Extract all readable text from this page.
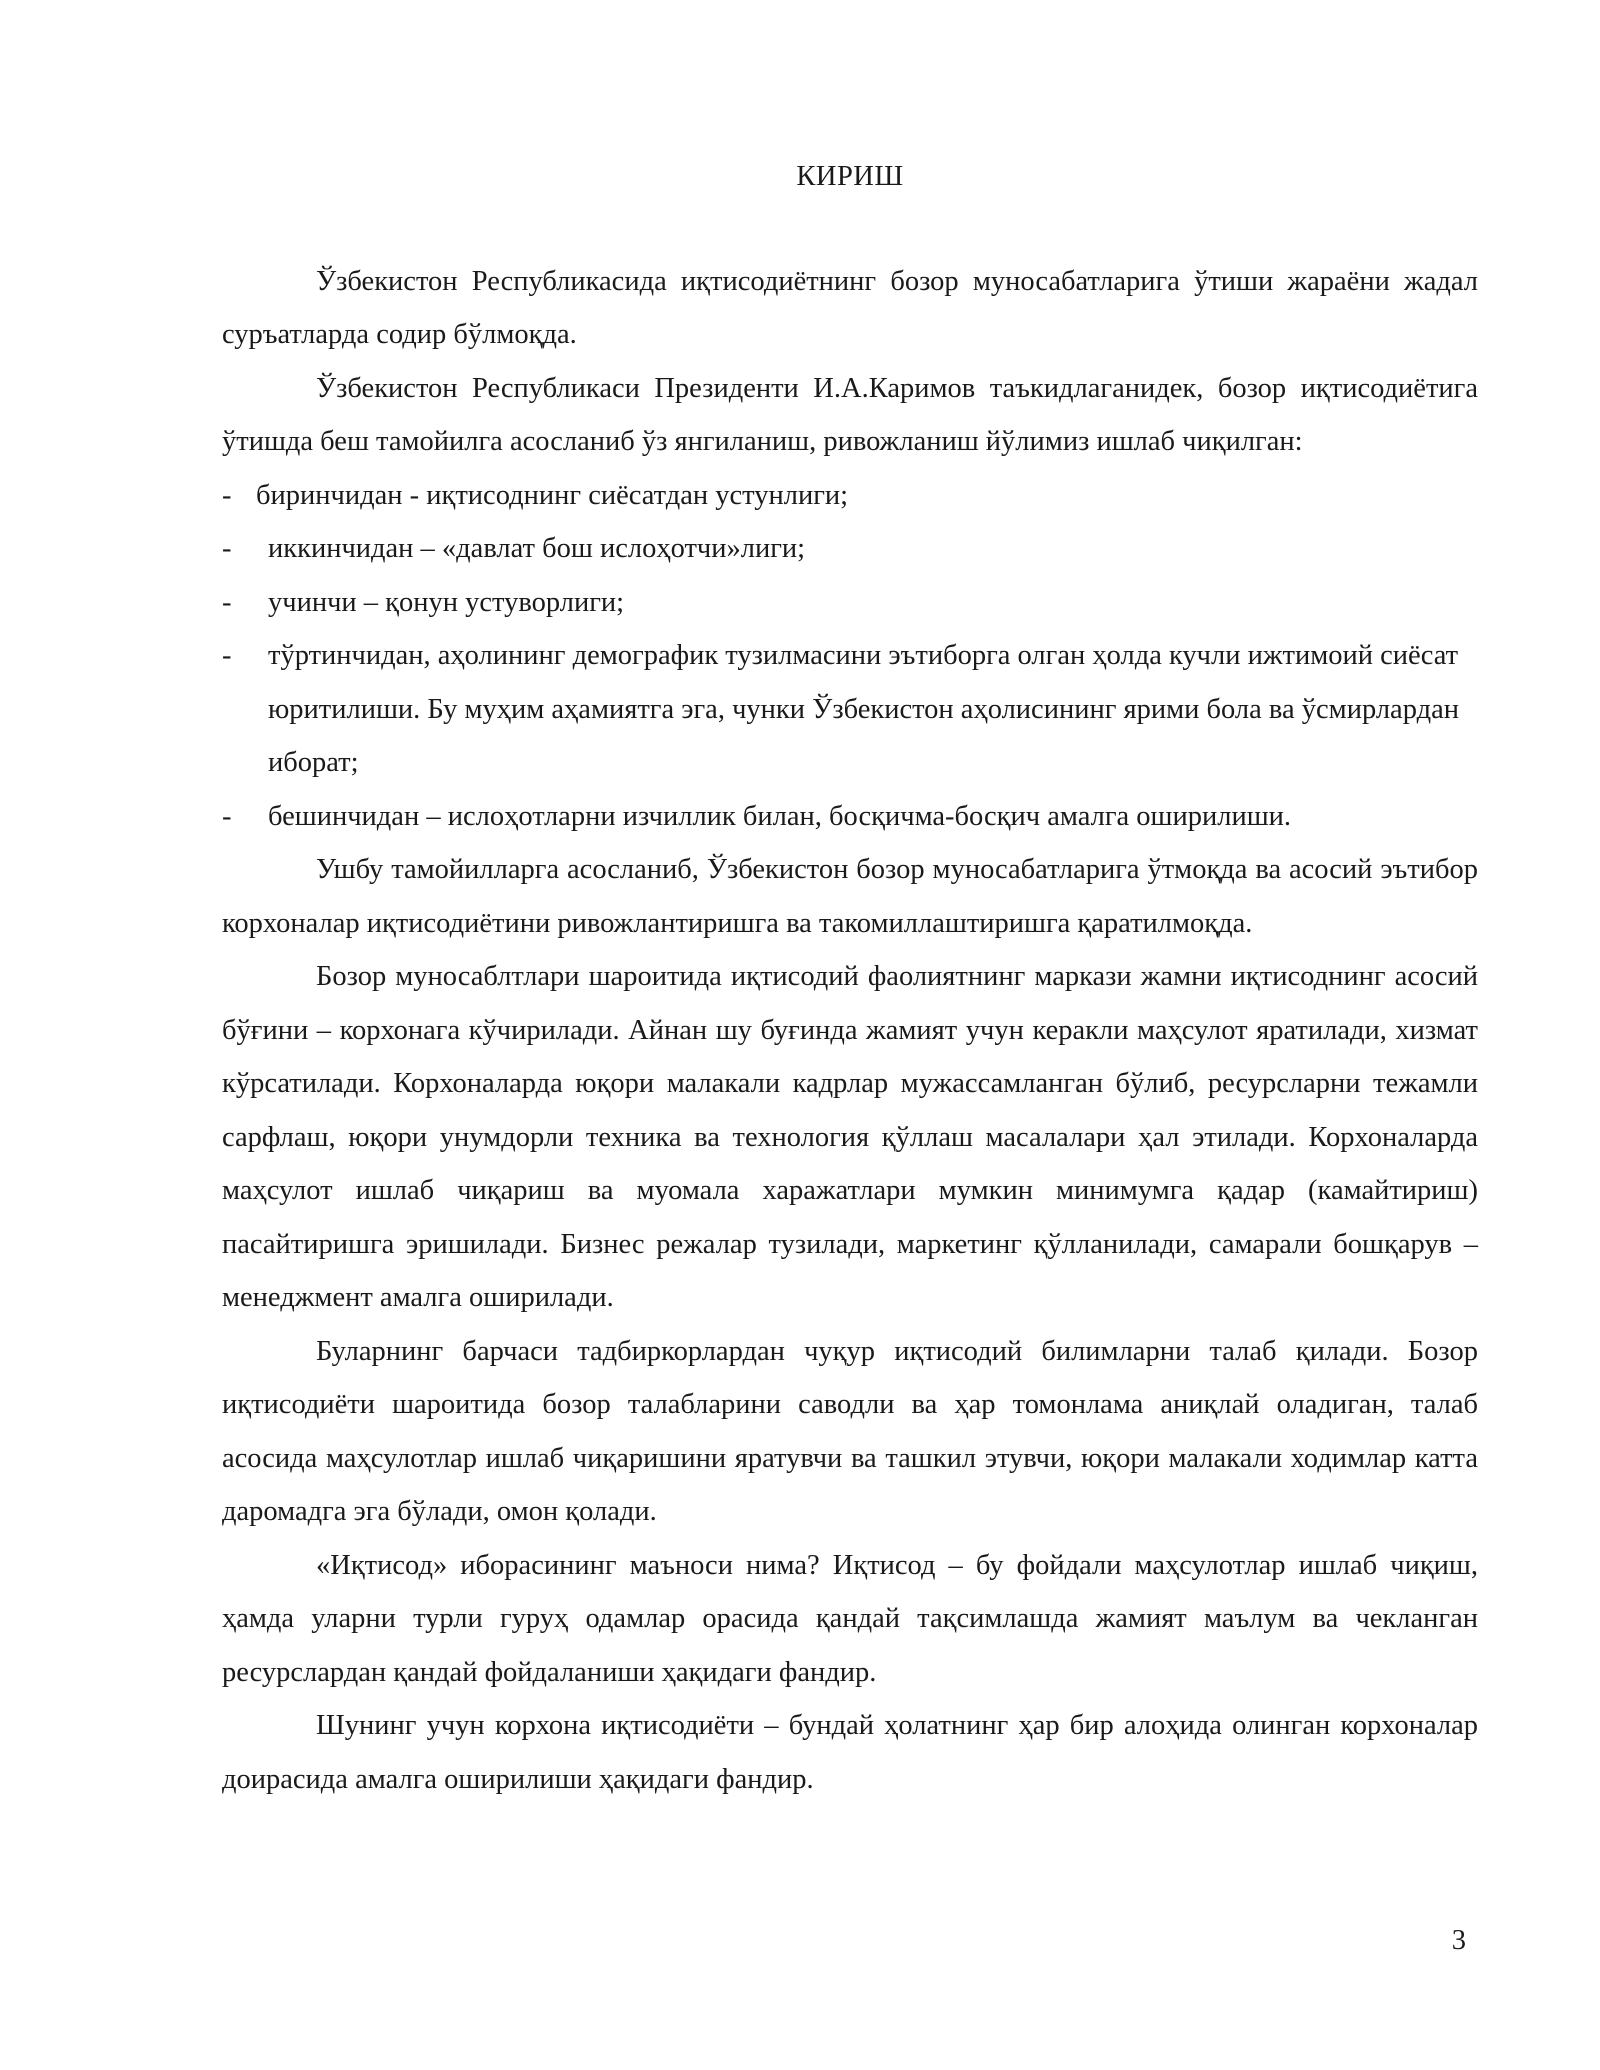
КИРИШ

Ўзбекистон Республикасида иқтисодиётнинг бозор муносабатларига ўтиши жараёни жадал суръатларда содир бўлмоқда.

Ўзбекистон Республикаси Президенти И.А.Каримов таъкидлаганидек, бозор иқтисодиётига ўтишда беш тамойилга асосланиб ўз янгиланиш, ривожланиш йўлимиз ишлаб чиқилган:

- биринчидан - иқтисоднинг сиёсатдан устунлиги;
- иккинчидан – «давлат бош ислоҳотчи»лиги;
- учинчи – қонун устуворлиги;
- тўртинчидан, аҳолининг демографик тузилмасини эътиборга олган ҳолда кучли ижтимоий сиёсат юритилиши. Бу муҳим аҳамиятга эга, чунки Ўзбекистон аҳолисининг ярими бола ва ўсмирлардан иборат;
- бешинчидан – ислоҳотларни изчиллик билан, босқичма-босқич амалга оширилиши.

Ушбу тамойилларга асосланиб, Ўзбекистон бозор муносабатларига ўтмоқда ва асосий эътибор корхоналар иқтисодиётини ривожлантиришга ва такомиллаштиришга қаратилмоқда.

Бозор муносаблтлари шароитида иқтисодий фаолиятнинг маркази жамни иқтисоднинг асосий бўғини – корхонага кўчирилади. Айнан шу буғинда жамият учун керакли маҳсулот яратилади, хизмат кўрсатилади. Корхоналарда юқори малакали кадрлар мужассамланган бўлиб, ресурсларни тежамли сарфлаш, юқори унумдорли техника ва технология қўллаш масалалари ҳал этилади. Корхоналарда маҳсулот ишлаб чиқариш ва муомала харажатлари мумкин минимумга қадар (камайтириш) пасайтиришга эришилади. Бизнес режалар тузилади, маркетинг қўлланилади, самарали бошқарув – менеджмент амалга оширилади.

Буларнинг барчаси тадбиркорлардан чуқур иқтисодий билимларни талаб қилади. Бозор иқтисодиёти шароитида бозор талабларини саводли ва ҳар томонлама аниқлай оладиган, талаб асосида маҳсулотлар ишлаб чиқаришини яратувчи ва ташкил этувчи, юқори малакали ходимлар катта даромадга эга бўлади, омон қолади.

«Иқтисод» иборасининг маъноси нима? Иқтисод – бу фойдали маҳсулотлар ишлаб чиқиш, ҳамда уларни турли гуруҳ одамлар орасида қандай тақсимлашда жамият маълум ва чекланган ресурслардан қандай фойдаланиши ҳақидаги фандир.

Шунинг учун корхона иқтисодиёти – бундай ҳолатнинг ҳар бир алоҳида олинган корхоналар доирасида амалга оширилиши ҳақидаги фандир.

3
